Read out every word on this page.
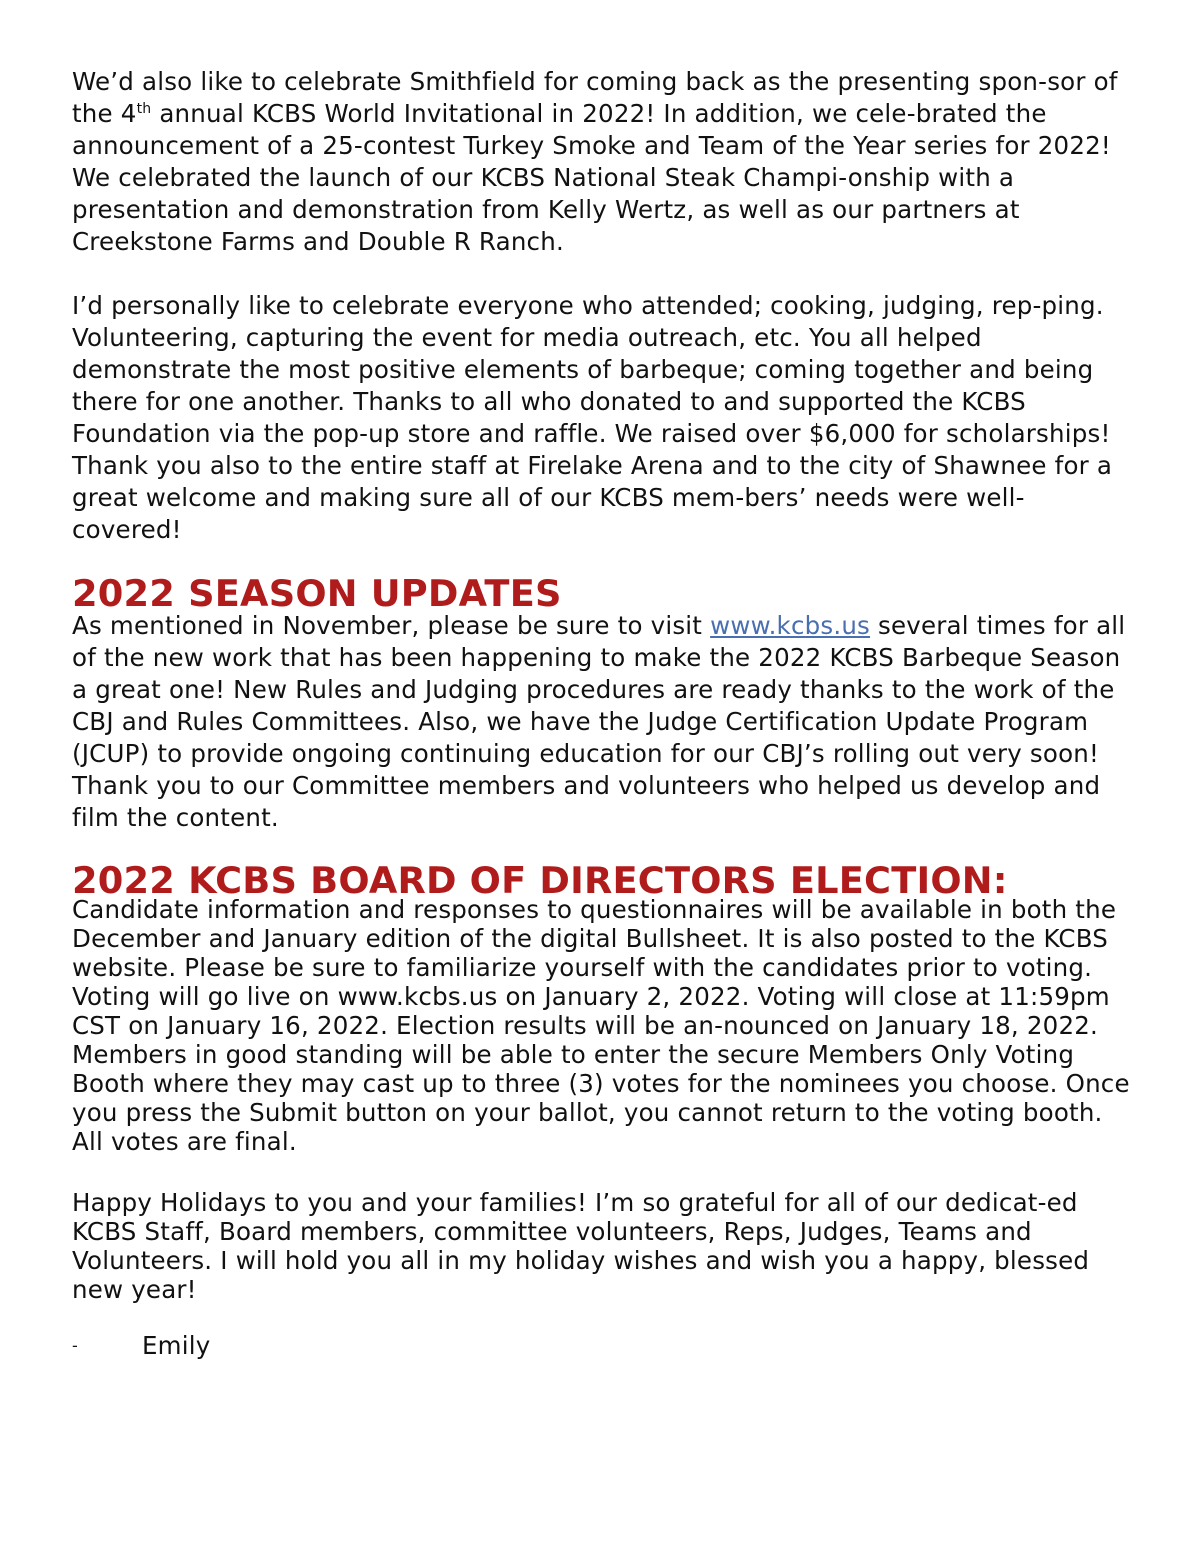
We’d also like to celebrate Smithfield for coming back as the presenting spon-sor of the 4th annual KCBS World Invitational in 2022! In addition, we cele-brated the announcement of a 25-contest Turkey Smoke and Team of the Year series for 2022! We celebrated the launch of our KCBS National Steak Champi-onship with a presentation and demonstration from Kelly Wertz, as well as our partners at Creekstone Farms and Double R Ranch.

I’d personally like to celebrate everyone who attended; cooking, judging, rep-ping. Volunteering, capturing the event for media outreach, etc. You all helped demonstrate the most positive elements of barbeque; coming together and being there for one another. Thanks to all who donated to and supported the KCBS Foundation via the pop-up store and raffle. We raised over $6,000 for scholarships! Thank you also to the entire staff at Firelake Arena and to the city of Shawnee for a great welcome and making sure all of our KCBS mem-bers’ needs were well-covered!

2022 SEASON UPDATES

As mentioned in November, please be sure to visit www.kcbs.us several times for all of the new work that has been happening to make the 2022 KCBS Barbeque Season a great one! New Rules and Judging procedures are ready thanks to the work of the CBJ and Rules Committees. Also, we have the Judge Certification Update Program (JCUP) to provide ongoing continuing education for our CBJ’s rolling out very soon! Thank you to our Committee members and volunteers who helped us develop and film the content.

2022 KCBS BOARD OF DIRECTORS ELECTION:

Candidate information and responses to questionnaires will be available in both the December and January edition of the digital Bullsheet. It is also posted to the KCBS website. Please be sure to familiarize yourself with the candidates prior to voting. Voting will go live on www.kcbs.us on January 2, 2022. Voting will close at 11:59pm CST on January 16, 2022. Election results will be an-nounced on January 18, 2022. Members in good standing will be able to enter the secure Members Only Voting Booth where they may cast up to three (3) votes for the nominees you choose. Once you press the Submit button on your ballot, you cannot return to the voting booth. All votes are final.

Happy Holidays to you and your families! I’m so grateful for all of our dedicat-ed KCBS Staff, Board members, committee volunteers, Reps, Judges, Teams and Volunteers. I will hold you all in my holiday wishes and wish you a happy, blessed new year!

-	Emily
